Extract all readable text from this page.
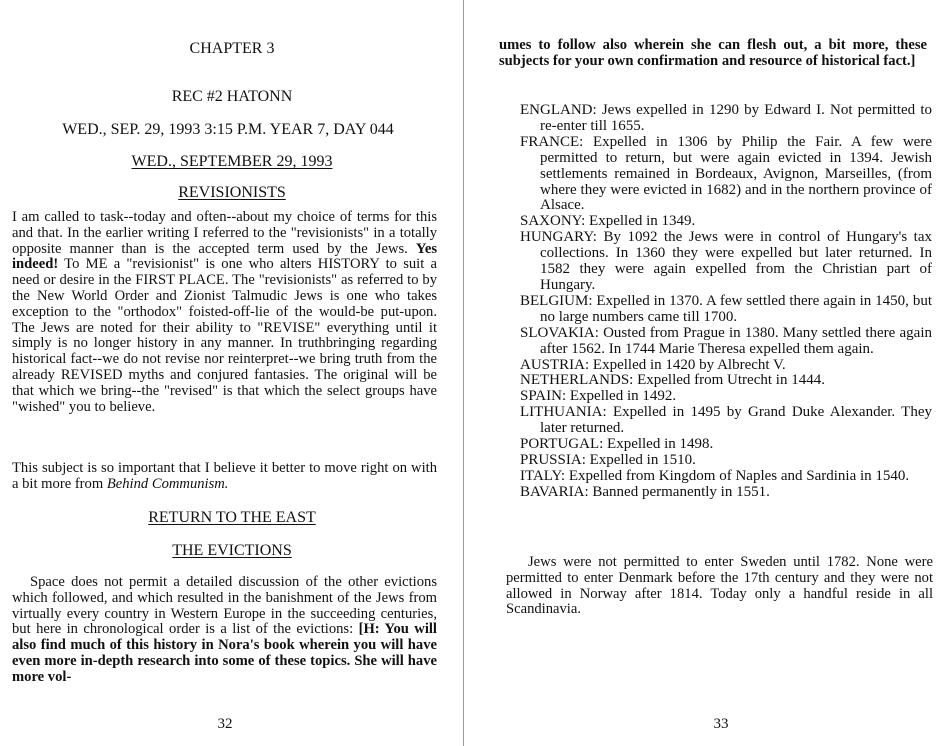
CHAPTER 3
REC #2 HATONN
WED., SEP. 29, 1993 3:15 P.M. YEAR 7, DAY 044
WED., SEPTEMBER 29, 1993
REVISIONISTS
I am called to task--today and often--about my choice of terms for this and that. In the earlier writing I referred to the "revisionists" in a totally opposite manner than is the accepted term used by the Jews. Yes indeed! To ME a "revisionist" is one who alters HISTORY to suit a need or desire in the FIRST PLACE. The "revisionists" as referred to by the New World Order and Zionist Talmudic Jews is one who takes exception to the "orthodox" foisted-off-lie of the would-be put-upon. The Jews are noted for their ability to "REVISE" everything until it simply is no longer history in any manner. In truthbringing regarding historical fact--we do not revise nor reinterpret--we bring truth from the already REVISED myths and conjured fantasies. The original will be that which we bring--the "revised" is that which the select groups have "wished" you to believe.
This subject is so important that I believe it better to move right on with a bit more from Behind Communism.
RETURN TO THE EAST
THE EVICTIONS
Space does not permit a detailed discussion of the other evictions which followed, and which resulted in the banishment of the Jews from virtually every country in Western Europe in the succeeding centuries, but here in chronological order is a list of the evictions: [H: You will also find much of this history in Nora's book wherein you will have even more in-depth research into some of these topics. She will have more vol-
32
umes to follow also wherein she can flesh out, a bit more, these subjects for your own confirmation and resource of historical fact.]
ENGLAND: Jews expelled in 1290 by Edward I. Not permitted to re-enter till 1655.
FRANCE: Expelled in 1306 by Philip the Fair. A few were permitted to return, but were again evicted in 1394. Jewish settlements remained in Bordeaux, Avignon, Marseilles, (from where they were evicted in 1682) and in the northern province of Alsace.
SAXONY: Expelled in 1349.
HUNGARY: By 1092 the Jews were in control of Hungary's tax collections. In 1360 they were expelled but later returned. In 1582 they were again expelled from the Christian part of Hungary.
BELGIUM: Expelled in 1370. A few settled there again in 1450, but no large numbers came till 1700.
SLOVAKIA: Ousted from Prague in 1380. Many settled there again after 1562. In 1744 Marie Theresa expelled them again.
AUSTRIA: Expelled in 1420 by Albrecht V.
NETHERLANDS: Expelled from Utrecht in 1444.
SPAIN: Expelled in 1492.
LITHUANIA: Expelled in 1495 by Grand Duke Alexander. They later returned.
PORTUGAL: Expelled in 1498.
PRUSSIA: Expelled in 1510.
ITALY: Expelled from Kingdom of Naples and Sardinia in 1540.
BAVARIA: Banned permanently in 1551.
Jews were not permitted to enter Sweden until 1782. None were permitted to enter Denmark before the 17th century and they were not allowed in Norway after 1814. Today only a handful reside in all Scandinavia.
33
